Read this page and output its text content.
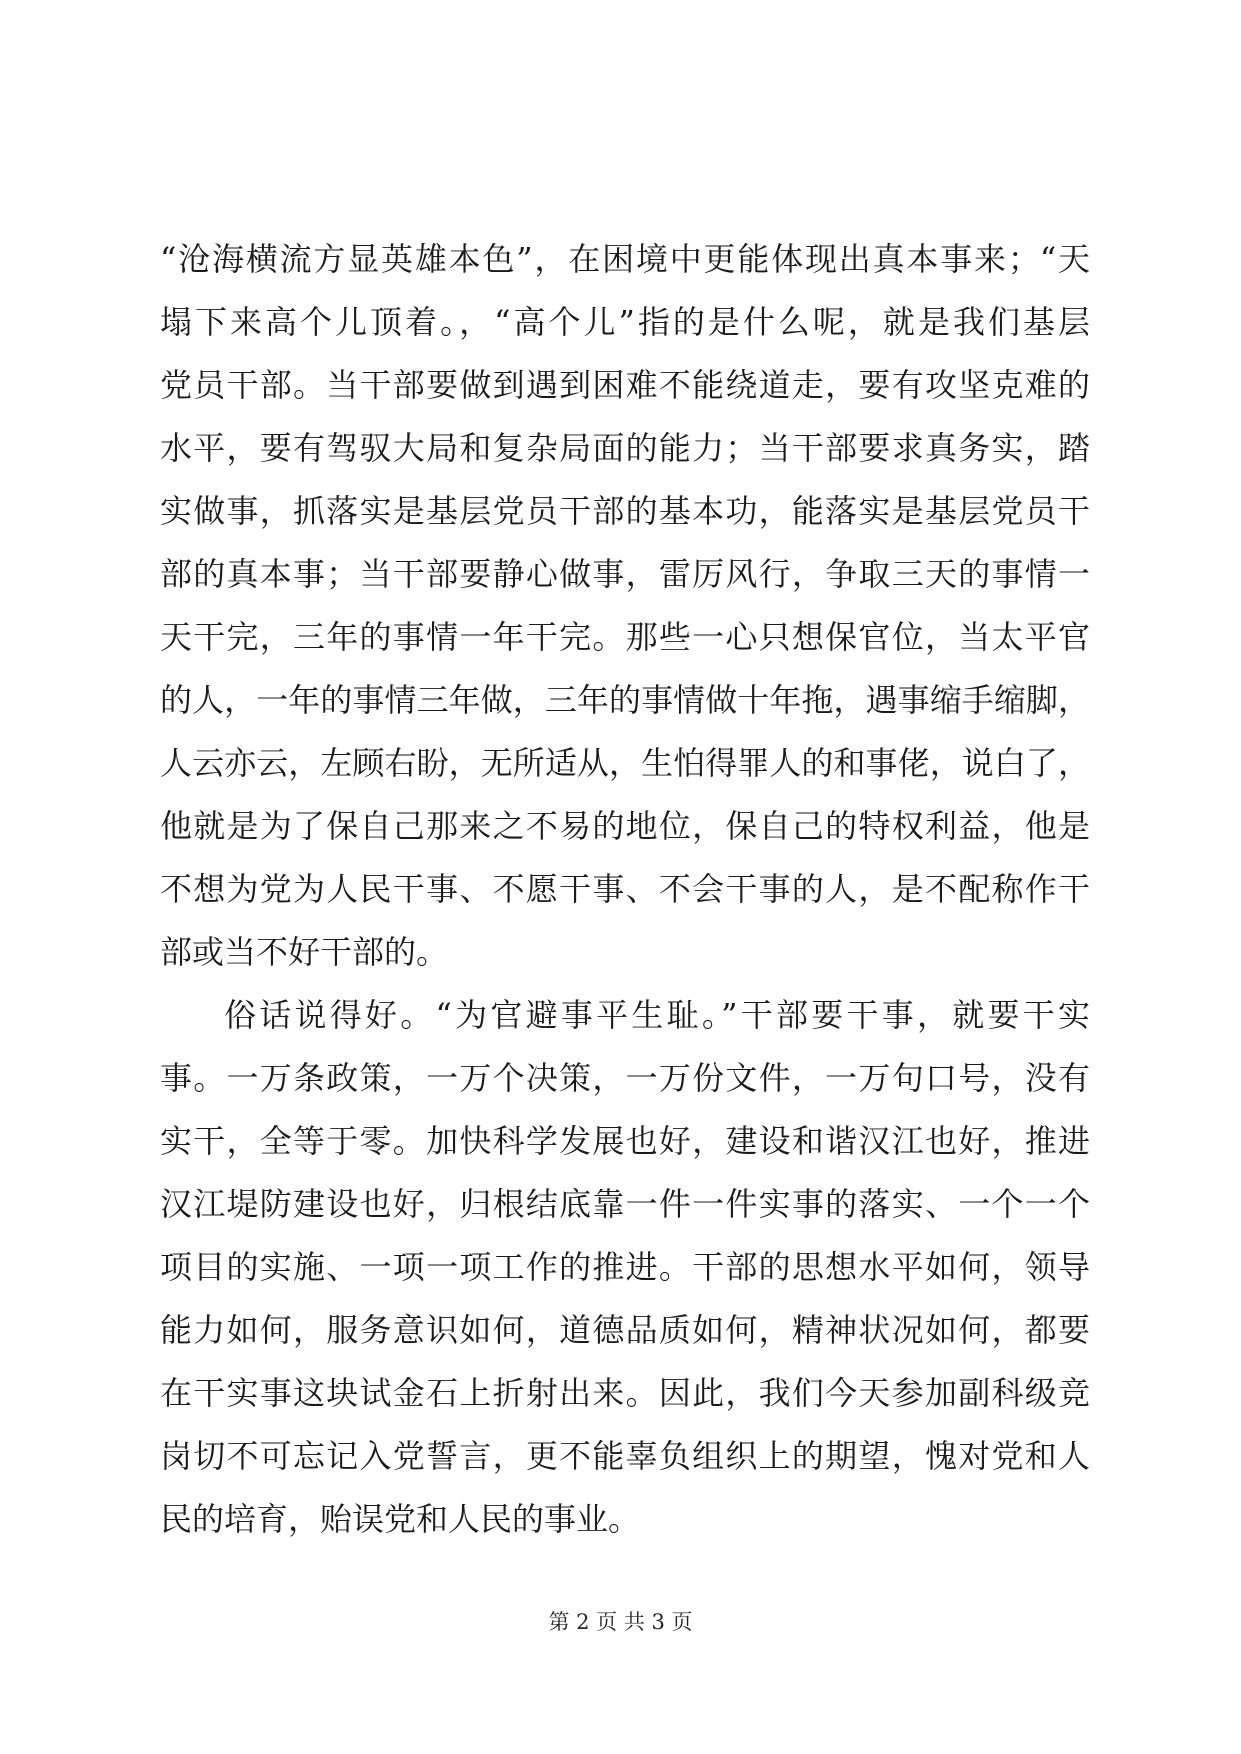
“沧海横流方显英雄本色”，在困境中更能体现出真本事来；“天
塌下来高个儿顶着。，“高个儿”指的是什么呢，就是我们基层
党员干部。当干部要做到遇到困难不能绕道走，要有攻坚克难的
水平，要有驾驭大局和复杂局面的能力；当干部要求真务实，踏
实做事，抓落实是基层党员干部的基本功，能落实是基层党员干
部的真本事；当干部要静心做事，雷厉风行，争取三天的事情一
天干完，三年的事情一年干完。那些一心只想保官位，当太平官
的人，一年的事情三年做，三年的事情做十年拖，遇事缩手缩脚，
人云亦云，左顾右盼，无所适从，生怕得罪人的和事佬，说白了，
他就是为了保自己那来之不易的地位，保自己的特权利益，他是
不想为党为人民干事、不愿干事、不会干事的人，是不配称作干
部或当不好干部的。
俗话说得好。“为官避事平生耻。”干部要干事，就要干实
事。一万条政策，一万个决策，一万份文件，一万句口号，没有
实干，全等于零。加快科学发展也好，建设和谐汉江也好，推进
汉江堤防建设也好，归根结底靠一件一件实事的落实、一个一个
项目的实施、一项一项工作的推进。干部的思想水平如何，领导
能力如何，服务意识如何，道德品质如何，精神状况如何，都要
在干实事这块试金石上折射出来。因此，我们今天参加副科级竞
岗切不可忘记入党誓言，更不能辜负组织上的期望，愧对党和人
民的培育，贻误党和人民的事业。
第 2 页 共 3 页
